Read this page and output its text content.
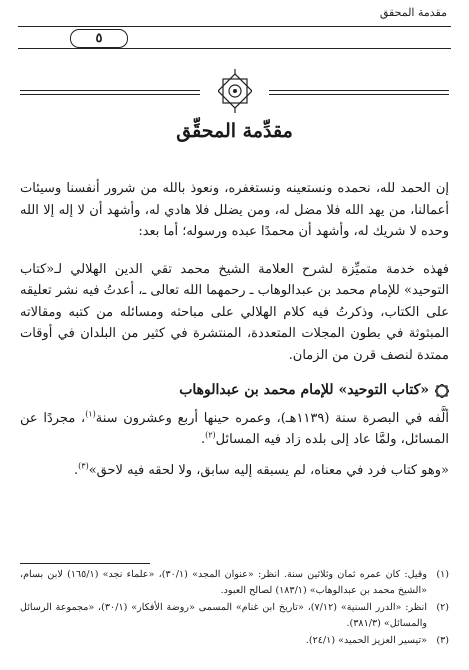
مقدمة المحقق
٥
مقدِّمة المحقِّق

إن الحمد لله، نحمده ونستعينه ونستغفره، ونعوذ بالله من شرور أنفسنا وسيئات أعمالنا، من يهد الله فلا مضل له، ومن يضلل فلا هادي له، وأشهد أن لا إله إلا الله وحده لا شريك له، وأشهد أن محمدًا عبده ورسوله؛ أما بعد:

فهذه خدمة متميِّزة لشرح العلامة الشيخ محمد تقي الدين الهلالي لـ«كتاب التوحيد» للإمام محمد بن عبدالوهاب ـ رحمهما الله تعالى ـ، أعدتُ فيه نشر تعليقه على الكتاب، وذكرتُ فيه كلام الهلالي على مباحثه ومسائله من كتبه ومقالاته المبثوثة في بطون المجلات المتعددة، المنتشرة في كثير من البلدان في أوقات ممتدة لنصف قرن من الزمان.

«كتاب التوحيد» للإمام محمد بن عبدالوهاب

ألَّفه في البصرة سنة (١١٣٩هـ)، وعمره حينها أربع وعشرون سنة$^{(١)}$، مجردًا عن المسائل، ولمَّا عاد إلى بلده زاد فيه المسائل$^{(٢)}$.

«وهو كتاب فرد في معناه، لم يسبقه إليه سابق، ولا لحقه فيه لاحق»$^{(٣)}$.

(١)
وقيل: كان عمره ثمان وثلاثين سنة. انظر: «عنوان المجد» (٣٠/١)، «علماء نجد» (١٦٥/١) لابن بسام، «الشيخ محمد بن عبدالوهاب» (١٨٣/١) لصالح العبود.
(٢)
انظر: «الدرر السنية» (٧/١٢)، «تاريخ ابن غنام» المسمى «روضة الأفكار» (٣٠/١)، «مجموعة الرسائل والمسائل» (٣٨١/٣).
(٣)
«تيسير العزيز الحميد» (٢٤/١).
